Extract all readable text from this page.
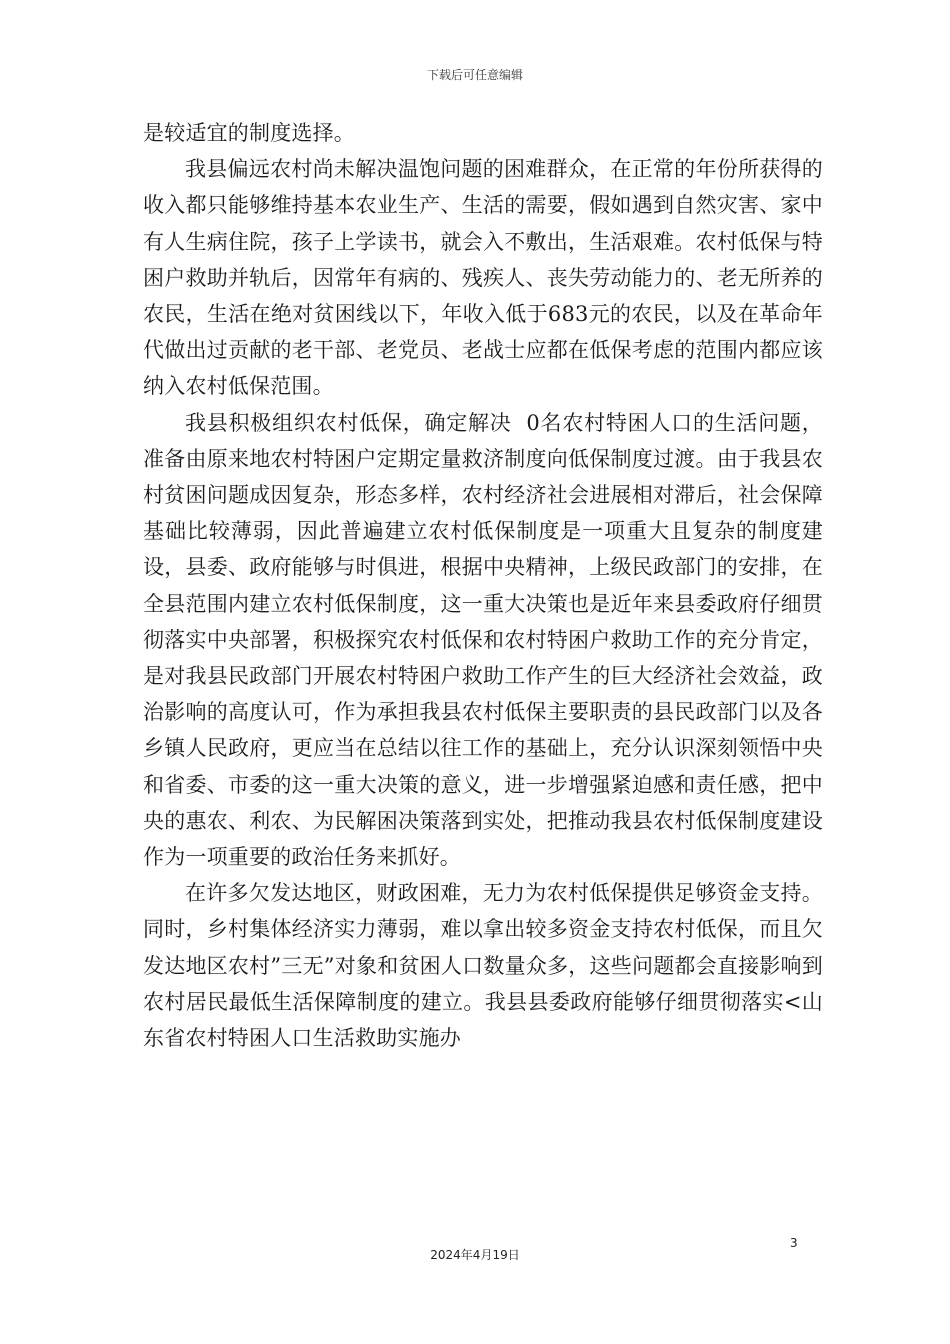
下载后可任意编辑

是较适宜的制度选择。

我县偏远农村尚未解决温饱问题的困难群众，在正常的年份所获得的收入都只能够维持基本农业生产、生活的需要，假如遇到自然灾害、家中有人生病住院，孩子上学读书，就会入不敷出，生活艰难。农村低保与特困户救助并轨后，因常年有病的、残疾人、丧失劳动能力的、老无所养的农民，生活在绝对贫困线以下，年收入低于683元的农民，以及在革命年代做出过贡献的老干部、老党员、老战士应都在低保考虑的范围内都应该纳入农村低保范围。

我县积极组织农村低保，确定解决  0名农村特困人口的生活问题，准备由原来地农村特困户定期定量救济制度向低保制度过渡。由于我县农村贫困问题成因复杂，形态多样，农村经济社会进展相对滞后，社会保障基础比较薄弱，因此普遍建立农村低保制度是一项重大且复杂的制度建设，县委、政府能够与时俱进，根据中央精神，上级民政部门的安排，在全县范围内建立农村低保制度，这一重大决策也是近年来县委政府仔细贯彻落实中央部署，积极探究农村低保和农村特困户救助工作的充分肯定，是对我县民政部门开展农村特困户救助工作产生的巨大经济社会效益，政治影响的高度认可，作为承担我县农村低保主要职责的县民政部门以及各乡镇人民政府，更应当在总结以往工作的基础上，充分认识深刻领悟中央和省委、市委的这一重大决策的意义，进一步增强紧迫感和责任感，把中央的惠农、利农、为民解困决策落到实处，把推动我县农村低保制度建设作为一项重要的政治任务来抓好。

在许多欠发达地区，财政困难，无力为农村低保提供足够资金支持。同时，乡村集体经济实力薄弱，难以拿出较多资金支持农村低保，而且欠发达地区农村”三无”对象和贫困人口数量众多，这些问题都会直接影响到农村居民最低生活保障制度的建立。我县县委政府能够仔细贯彻落实<山东省农村特困人口生活救助实施办

3
2024年4月19日
